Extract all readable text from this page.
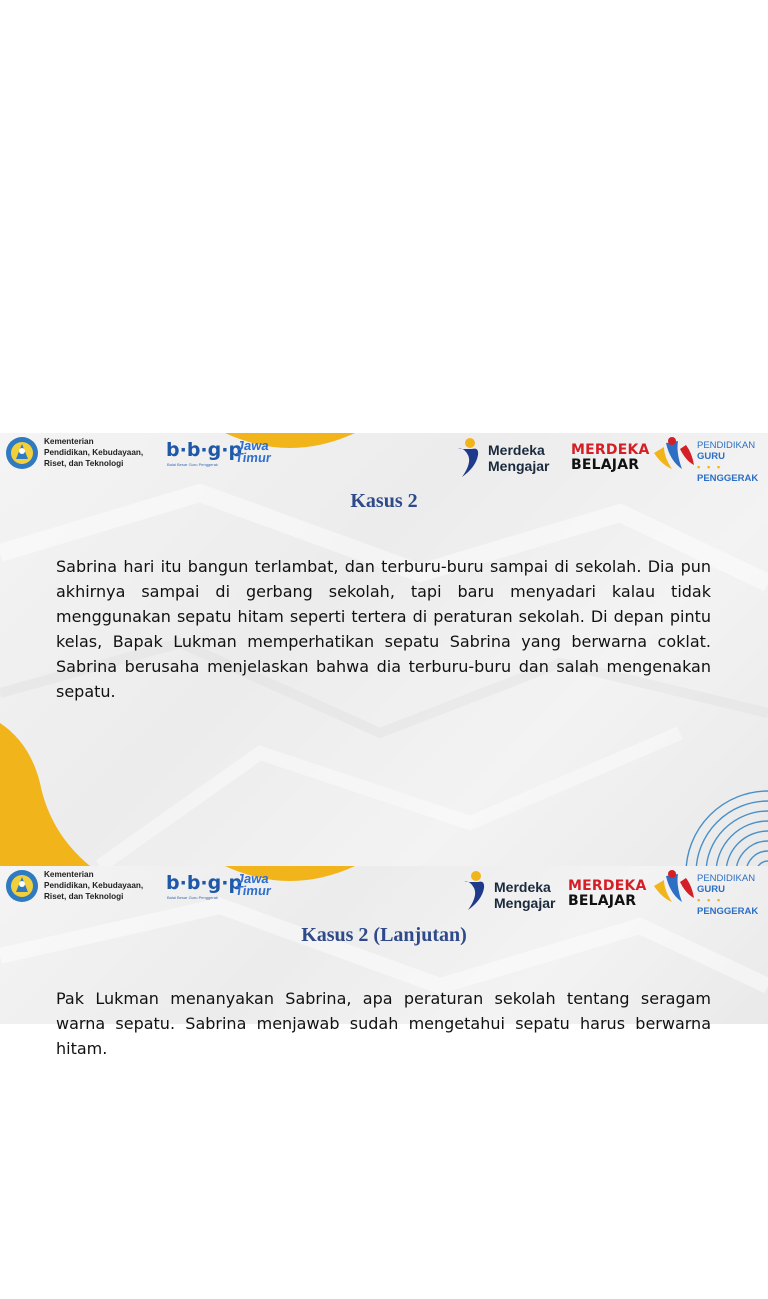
Kementerian
Pendidikan, Kebudayaan,
Riset, dan Teknologi
b·b·g·p
Balai Besar Guru Penggerak
Jawa
Timur	Merdeka
Mengajar
MERDEKA
BELAJAR
PENDIDIKAN
GURU
• • •
PENGGERAK
Kasus 2
Sabrina hari itu bangun terlambat, dan terburu-buru sampai di sekolah. Dia pun akhirnya sampai di gerbang sekolah, tapi baru menyadari kalau tidak menggunakan sepatu hitam seperti tertera di peraturan sekolah. Di depan pintu kelas, Bapak Lukman memperhatikan sepatu Sabrina yang berwarna coklat. Sabrina berusaha menjelaskan bahwa dia terburu-buru dan salah mengenakan sepatu.
Kementerian
Pendidikan, Kebudayaan,
Riset, dan Teknologi
b·b·g·p
Balai Besar Guru Penggerak
Jawa
Timur	Merdeka
Mengajar
MERDEKA
BELAJAR
PENDIDIKAN
GURU
• • •
PENGGERAK
Kasus 2 (Lanjutan)
Pak Lukman menanyakan Sabrina, apa peraturan sekolah tentang seragam warna sepatu. Sabrina menjawab sudah mengetahui sepatu harus berwarna hitam.
